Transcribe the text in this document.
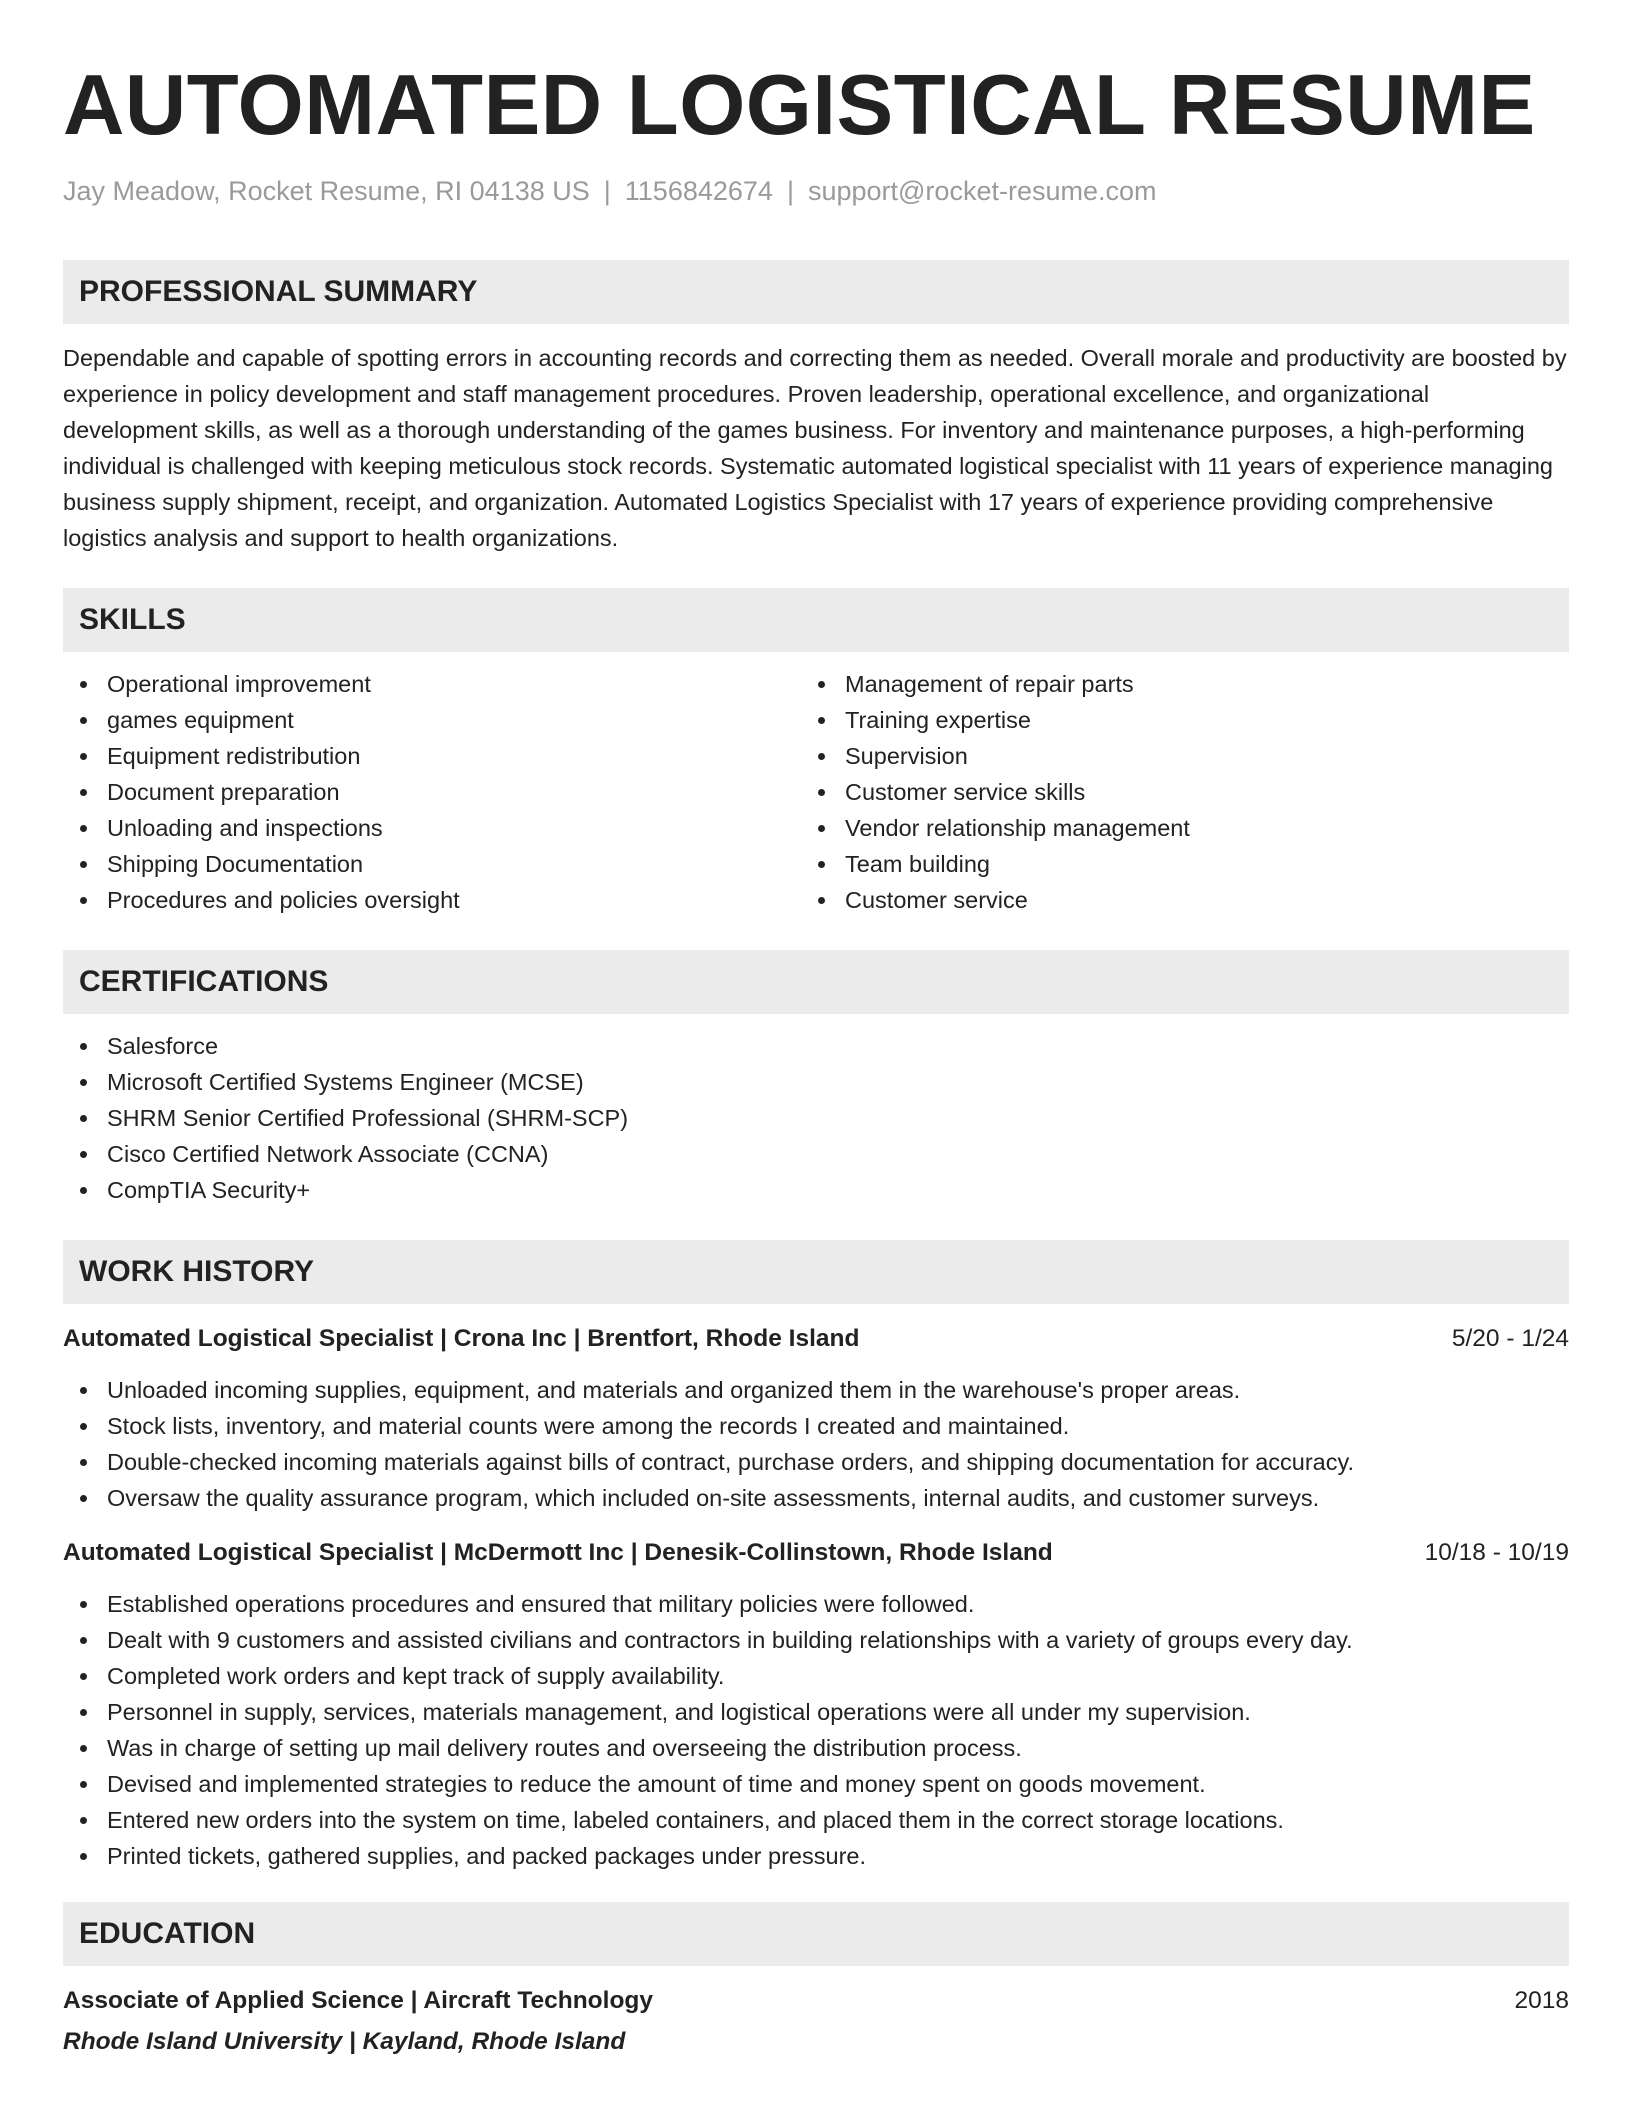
AUTOMATED LOGISTICAL RESUME
Jay Meadow, Rocket Resume, RI 04138 US | 1156842674 | support@rocket-resume.com
PROFESSIONAL SUMMARY

Dependable and capable of spotting errors in accounting records and correcting them as needed. Overall morale and productivity are boosted by experience in policy development and staff management procedures. Proven leadership, operational excellence, and organizational development skills, as well as a thorough understanding of the games business. For inventory and maintenance purposes, a high-performing individual is challenged with keeping meticulous stock records. Systematic automated logistical specialist with 11 years of experience managing business supply shipment, receipt, and organization. Automated Logistics Specialist with 17 years of experience providing comprehensive logistics analysis and support to health organizations.

SKILLS
Operational improvement
games equipment
Equipment redistribution
Document preparation
Unloading and inspections
Shipping Documentation
Procedures and policies oversight
Management of repair parts
Training expertise
Supervision
Customer service skills
Vendor relationship management
Team building
Customer service
CERTIFICATIONS
Salesforce
Microsoft Certified Systems Engineer (MCSE)
SHRM Senior Certified Professional (SHRM-SCP)
Cisco Certified Network Associate (CCNA)
CompTIA Security+
WORK HISTORY
Automated Logistical Specialist | Crona Inc | Brentfort, Rhode Island	5/20 - 1/24
Unloaded incoming supplies, equipment, and materials and organized them in the warehouse's proper areas.
Stock lists, inventory, and material counts were among the records I created and maintained.
Double-checked incoming materials against bills of contract, purchase orders, and shipping documentation for accuracy.
Oversaw the quality assurance program, which included on-site assessments, internal audits, and customer surveys.
Automated Logistical Specialist | McDermott Inc | Denesik-Collinstown, Rhode Island	10/18 - 10/19
Established operations procedures and ensured that military policies were followed.
Dealt with 9 customers and assisted civilians and contractors in building relationships with a variety of groups every day.
Completed work orders and kept track of supply availability.
Personnel in supply, services, materials management, and logistical operations were all under my supervision.
Was in charge of setting up mail delivery routes and overseeing the distribution process.
Devised and implemented strategies to reduce the amount of time and money spent on goods movement.
Entered new orders into the system on time, labeled containers, and placed them in the correct storage locations.
Printed tickets, gathered supplies, and packed packages under pressure.
EDUCATION
Associate of Applied Science | Aircraft Technology	2018
Rhode Island University | Kayland, Rhode Island
